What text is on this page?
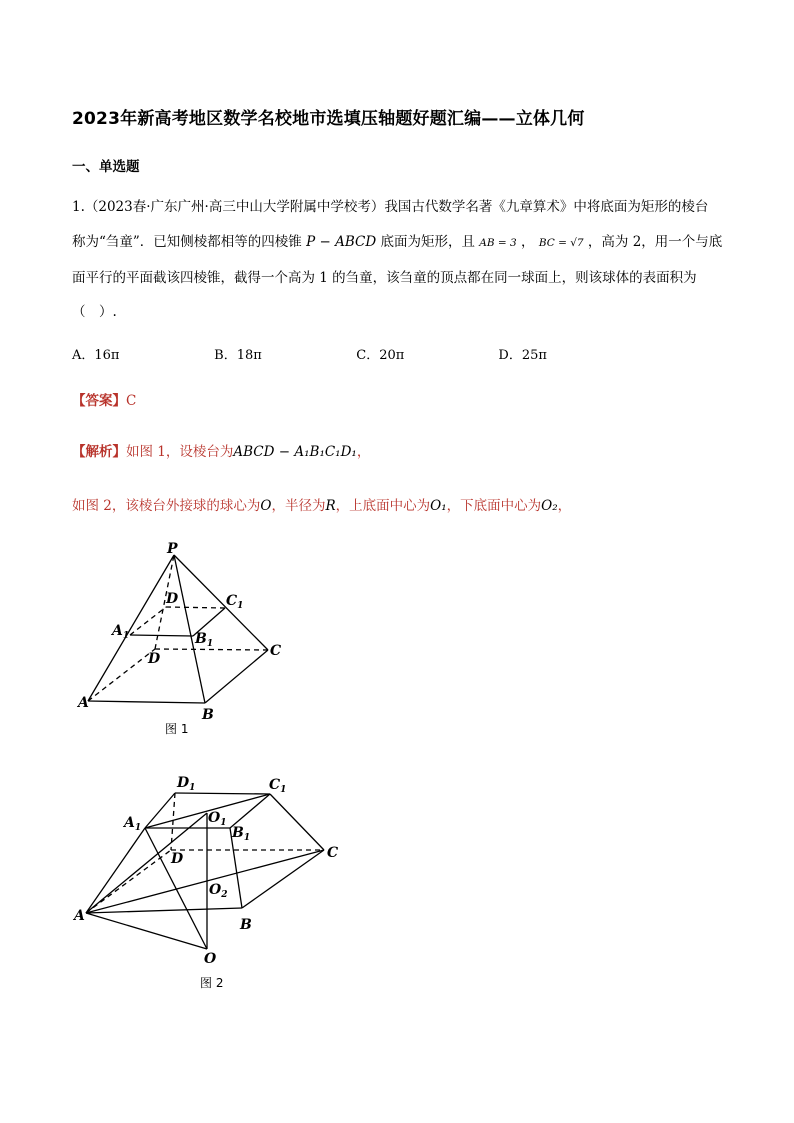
2023年新高考地区数学名校地市选填压轴题好题汇编——立体几何
一、单选题
1.（2023春·广东广州·高三中山大学附属中学校考）我国古代数学名著《九章算术》中将底面为矩形的棱台
称为“刍童”．已知侧棱都相等的四棱锥 P − ABCD 底面为矩形，且 AB = 3 ， BC = √7 ，高为 2，用一个与底
面平行的平面截该四棱锥，截得一个高为 1 的刍童，该刍童的顶点都在同一球面上，则该球体的表面积为
（　）.
A．16π	B．18π	C．20π	D．25π
【答案】C
【解析】如图 1，设棱台为ABCD − A₁B₁C₁D₁，
如图 2，该棱台外接球的球心为O，半径为R，上底面中心为O₁，下底面中心为O₂，
P
D	$C_1$
$A_1$	$B_1$
D	C
A
B
图 1
$D_1$	$C_1$
$A_1$
$O_1$
$B_1$
D	C
$O_2$
A
B
O
图 2
